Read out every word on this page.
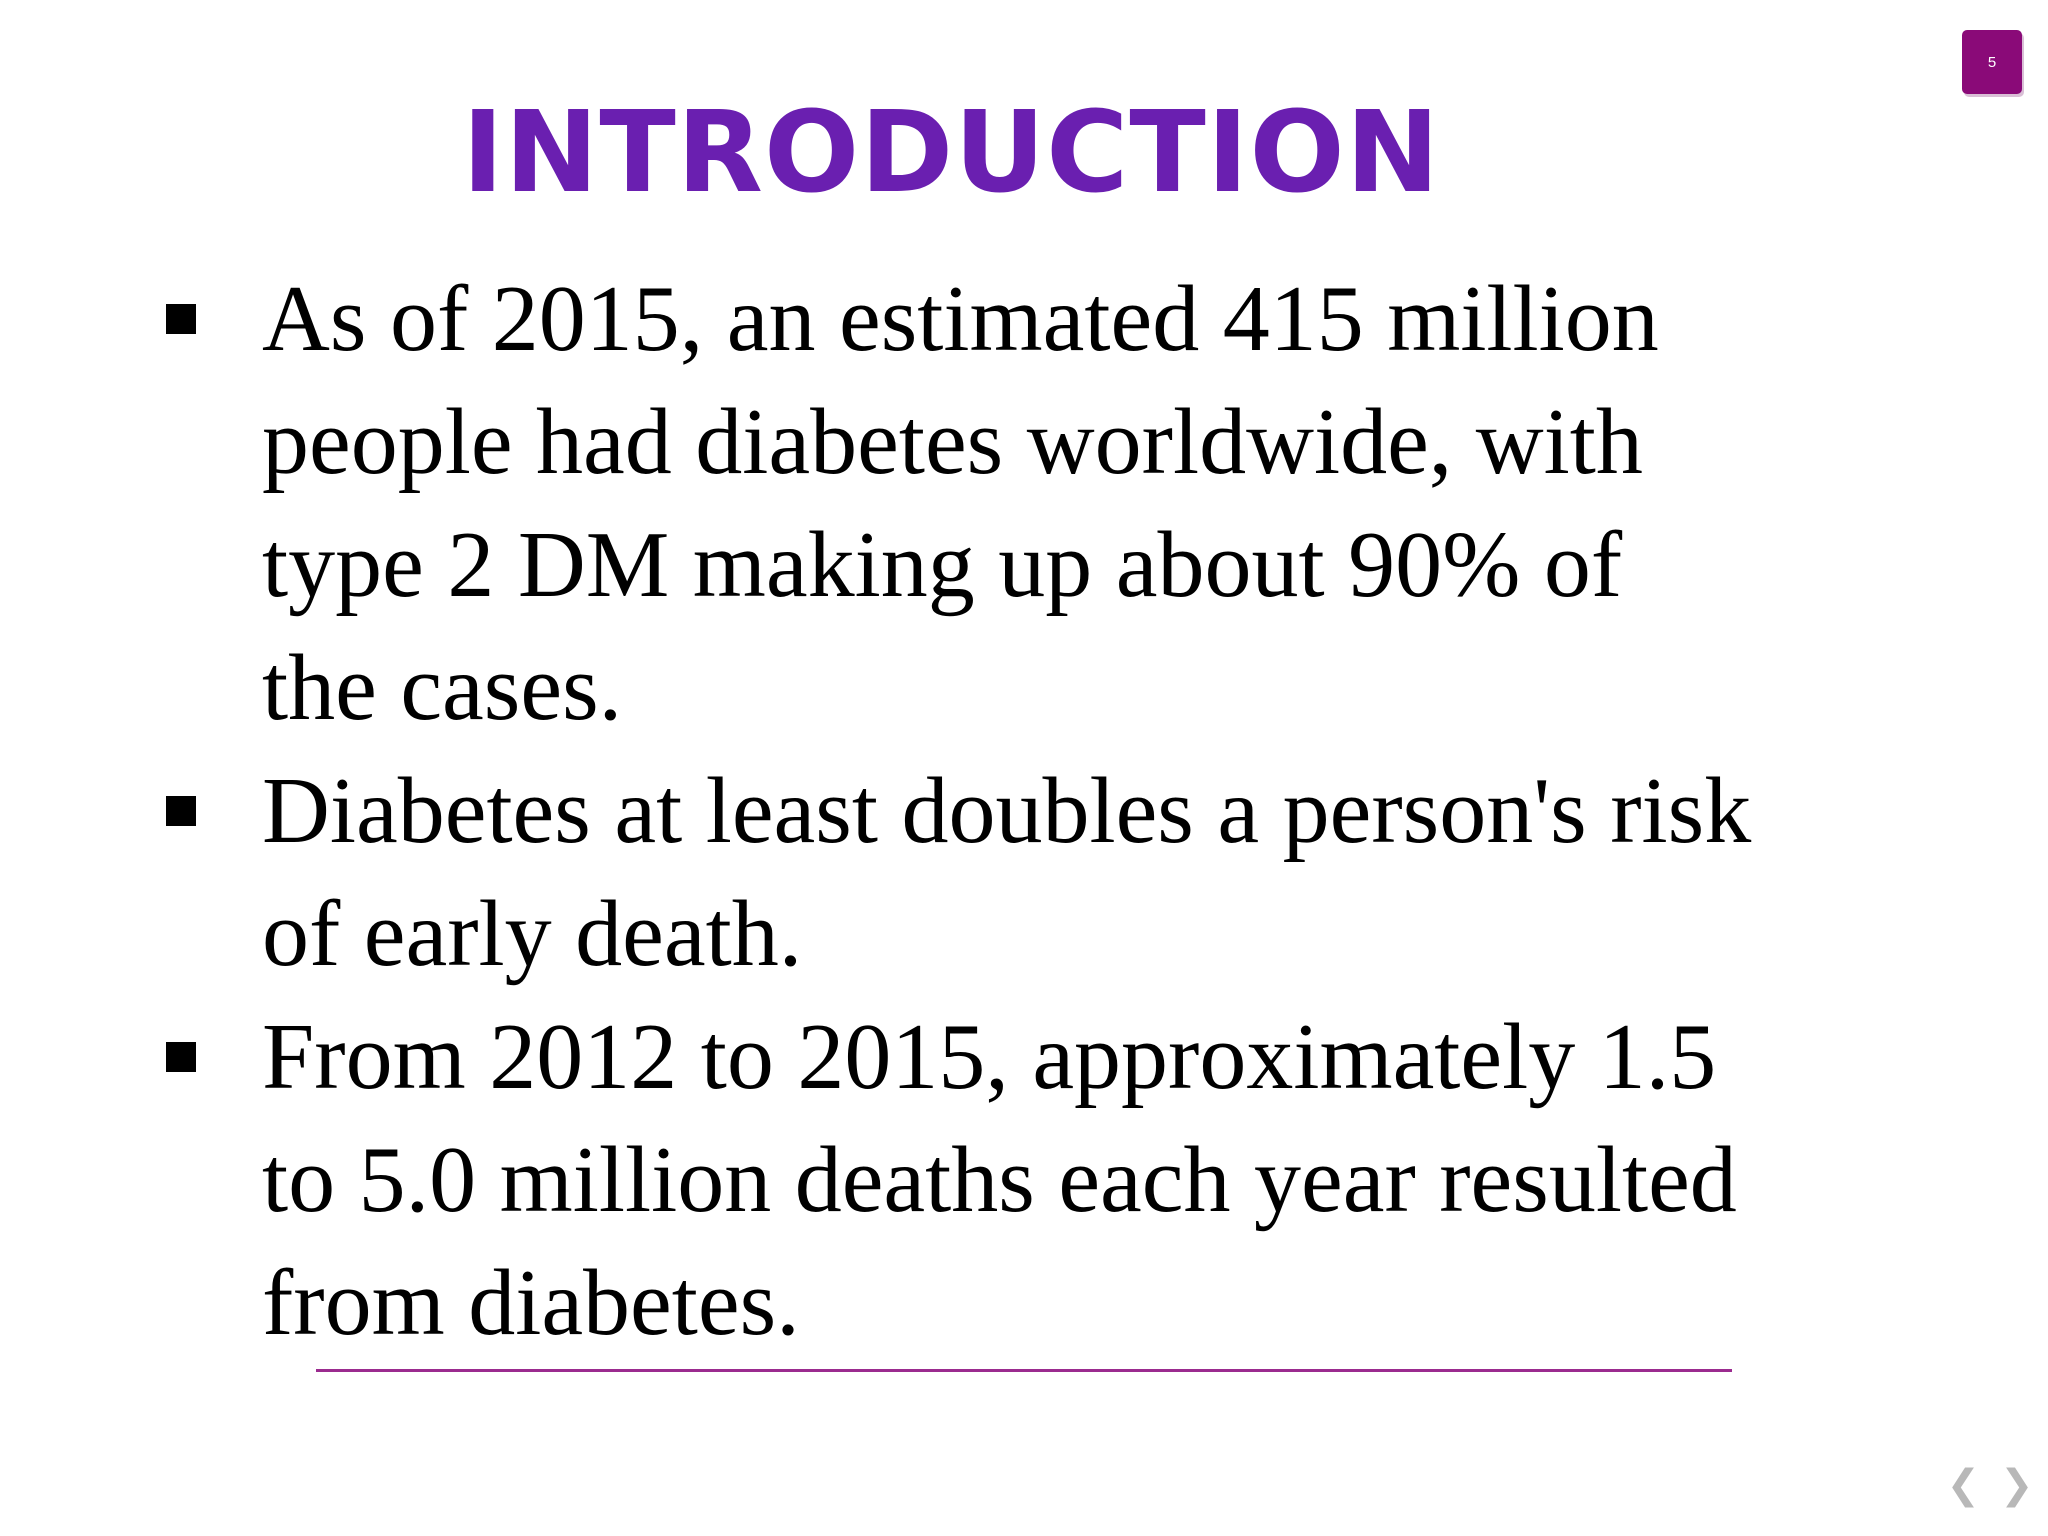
5
INTRODUCTION
As of 2015, an estimated 415 million
people had diabetes worldwide, with
type 2 DM making up about 90% of
the cases.
Diabetes at least doubles a person's risk
of early death.
From 2012 to 2015, approximately 1.5
to 5.0 million deaths each year resulted
from diabetes.
❮ ❯
